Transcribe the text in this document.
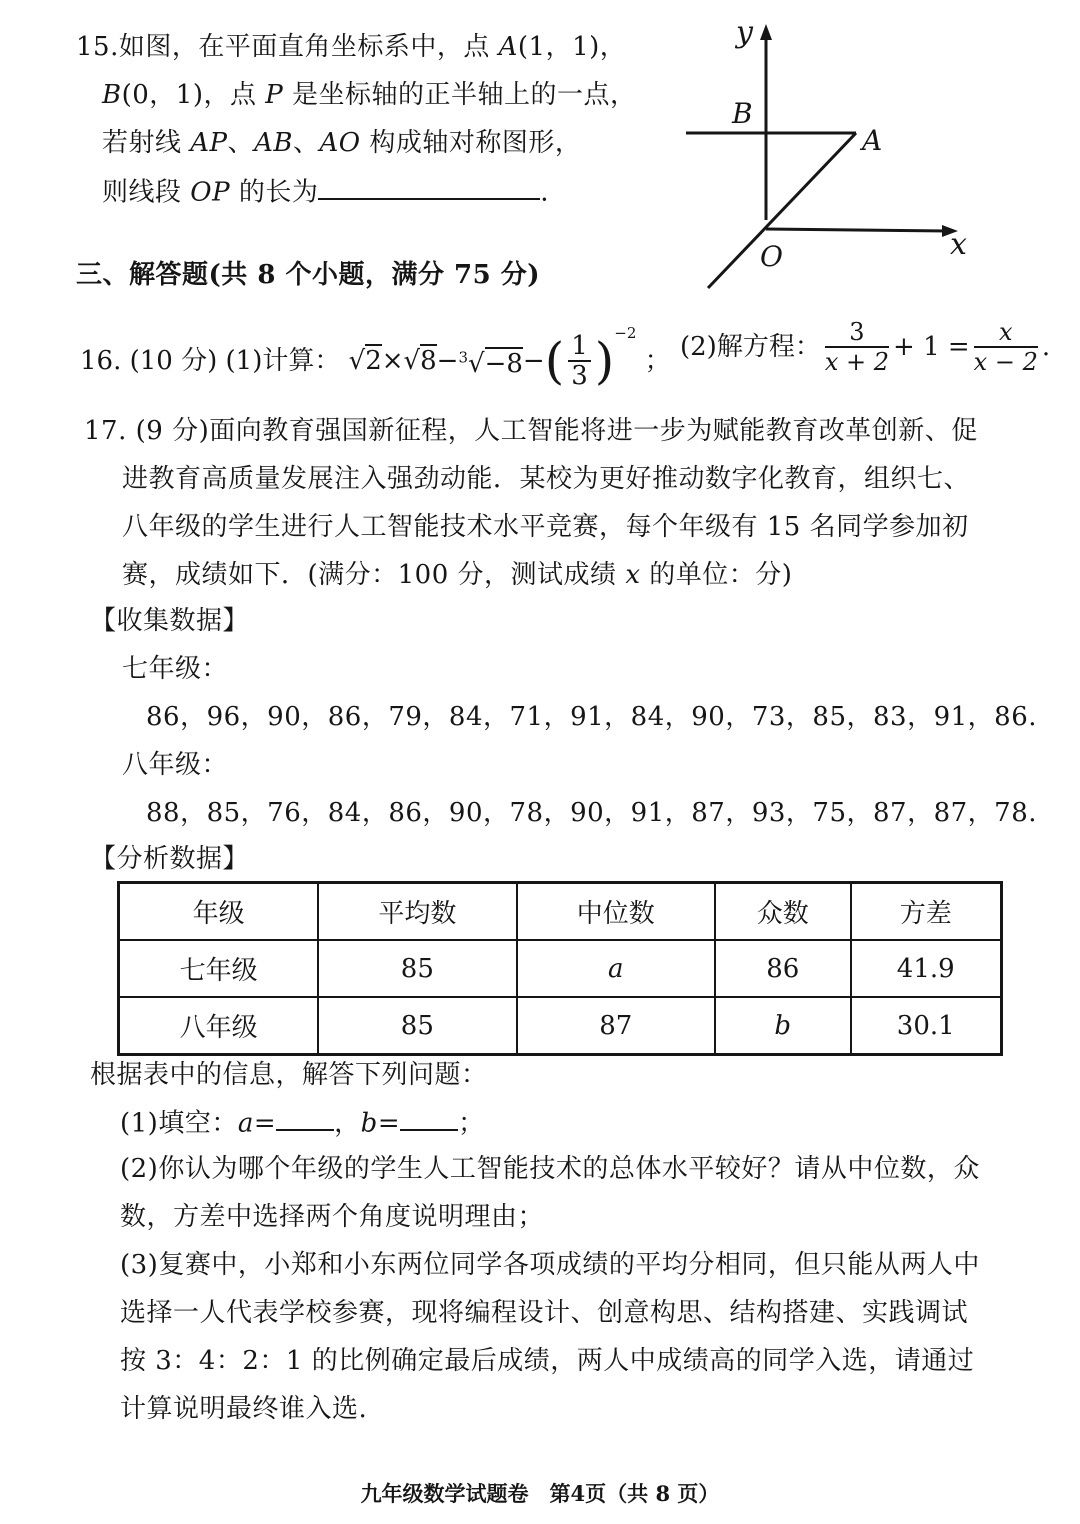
15.如图，在平面直角坐标系中，点 A(1，1)，
B(0，1)，点 P 是坐标轴的正半轴上的一点，
若射线 AP、AB、AO 构成轴对称图形，
则线段 OP 的长为	．
y
B
A
O	x
三、解答题(共 8 个小题，满分 75 分)
16. (10 分) (1)计算： $√2\times√8-^3√-8-( \frac{1}{3} )^{-2}$ ； (2)解方程： $\frac{3}{x + 2} + 1 = \frac{x}{x - 2}$ .
17. (9 分)面向教育强国新征程，人工智能将进一步为赋能教育改革创新、促
进教育高质量发展注入强劲动能．某校为更好推动数字化教育，组织七、
八年级的学生进行人工智能技术水平竞赛，每个年级有 15 名同学参加初
赛，成绩如下．(满分：100 分，测试成绩 x 的单位：分)
【收集数据】
七年级：
86，96，90，86，79，84，71，91，84，90，73，85，83，91，86.
八年级：
88，85，76，84，86，90，78，90，91，87，93，75，87，87，78.
【分析数据】
年级	平均数	中位数	众数	方差
七年级	85	a	86	41.9
八年级	85	87	b	30.1
根据表中的信息，解答下列问题：
(1)填空：a= ，b= ；
(2)你认为哪个年级的学生人工智能技术的总体水平较好？请从中位数，众
数，方差中选择两个角度说明理由；
(3)复赛中，小郑和小东两位同学各项成绩的平均分相同，但只能从两人中
选择一人代表学校参赛，现将编程设计、创意构思、结构搭建、实践调试
按 3：4：2：1 的比例确定最后成绩，两人中成绩高的同学入选，请通过
计算说明最终谁入选.
九年级数学试题卷　第4页（共 8 页）
